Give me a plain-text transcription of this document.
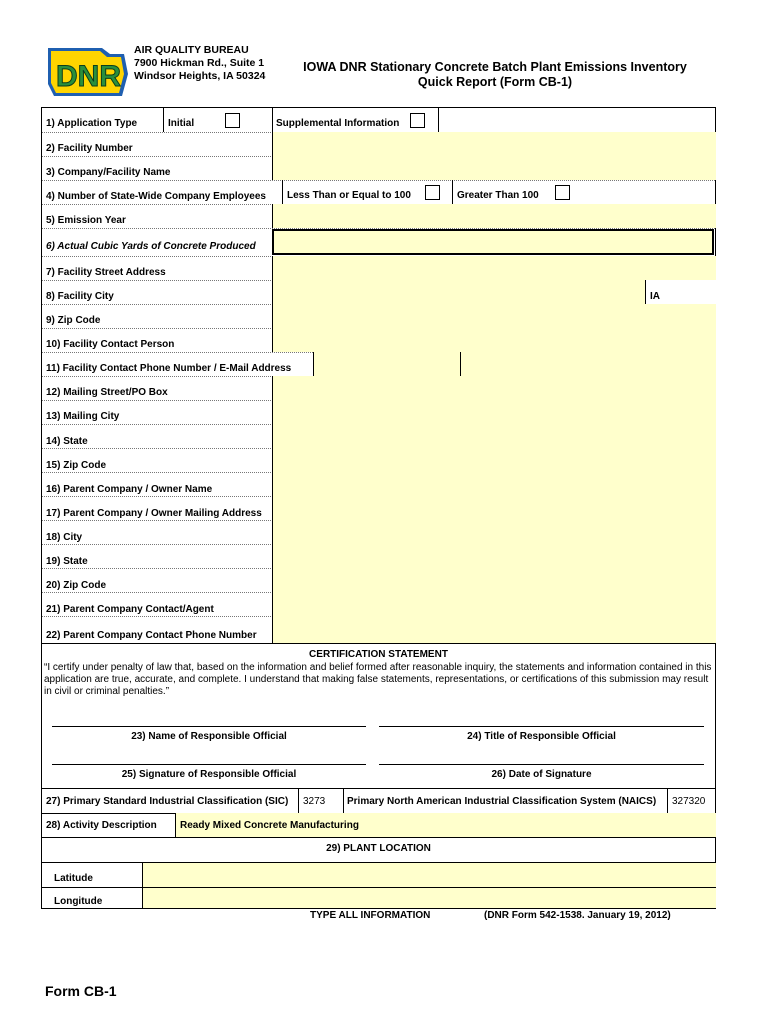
DNR
AIR QUALITY BUREAU
7900 Hickman Rd., Suite 1
Windsor Heights, IA 50324
IOWA DNR Stationary Concrete Batch Plant Emissions Inventory
Quick Report (Form CB-1)
1) Application Type	Initial	Supplemental Information
2) Facility Number
3) Company/Facility Name
4) Number of State-Wide Company Employees Less Than or Equal to 100	Greater Than 100
5) Emission Year
6) Actual Cubic Yards of Concrete Produced
7) Facility Street Address
8) Facility City	IA
9) Zip Code
10) Facility Contact Person
11) Facility Contact Phone Number / E-Mail Address
12) Mailing Street/PO Box
13) Mailing City
14) State
15) Zip Code
16) Parent Company / Owner Name
17) Parent Company / Owner Mailing Address
18) City
19) State
20) Zip Code
21) Parent Company Contact/Agent
22) Parent Company Contact Phone Number
CERTIFICATION STATEMENT
“I certify under penalty of law that, based on the information and belief formed after reasonable inquiry, the statements and information contained in this application are true, accurate, and complete. I understand that making false statements, representations, or certifications of this submission may result in civil or criminal penalties.”
23) Name of Responsible Official	24) Title of Responsible Official
25) Signature of Responsible Official	26) Date of Signature
27) Primary Standard Industrial Classification (SIC) 3273 Primary North American Industrial Classification System (NAICS) 327320
28) Activity Description Ready Mixed Concrete Manufacturing
29) PLANT LOCATION
Latitude
Longitude
TYPE ALL INFORMATION	(DNR Form 542-1538. January 19, 2012)
Form CB-1
